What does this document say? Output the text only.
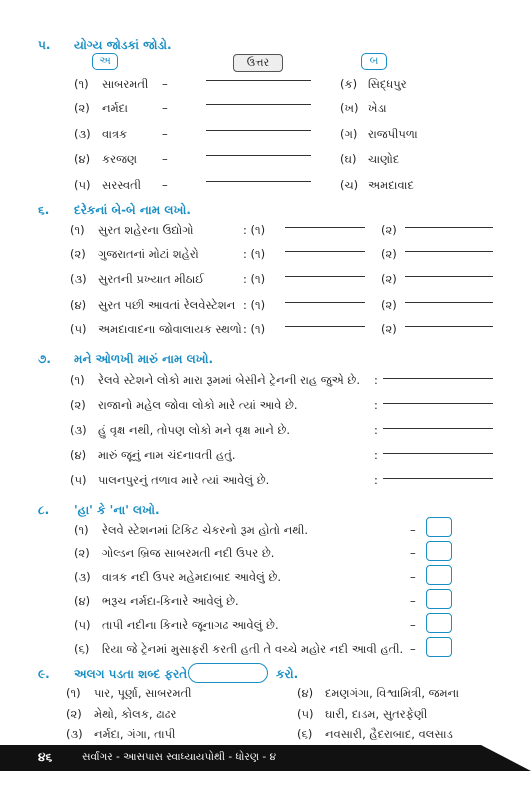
૫. યોગ્ય જોડકાં જોડો.
અ	ઉત્તર	બ
(૧) સાબરમતી –	(ક) સિદ્ધપુર
(૨) નર્મદા	–	(ખ) ખેડા
(૩) વાત્રક	–	(ગ) રાજપીપળા
(૪) કરજણ –	(ઘ) ચાણોદ
(૫) સરસ્વતી –	(ચ) અમદાવાદ
૬. દરેકનાં બે-બે નામ લખો.
(૧) સુરત શહેરના ઉદ્યોગો	: (૧)	(૨)
(૨) ગુજરાતનાં મોટાં શહેરો	: (૧)	(૨)
(૩) સુરતની પ્રખ્યાત મીઠાઈ	: (૧)	(૨)
(૪) સુરત પછી આવતાં રેલવેસ્ટેશન : (૧)	(૨)
(૫) અમદાવાદના જોવાલાયક સ્થળો : (૧)	(૨)
૭. મને ઓળખી મારું નામ લખો.
(૧) રેલવે સ્ટેશને લોકો મારા રૂમમાં બેસીને ટ્રેનની રાહ જુએ છે. :
(૨) રાજાનો મહેલ જોવા લોકો મારે ત્યાં આવે છે.	:
(૩) હું વૃક્ષ નથી, તોપણ લોકો મને વૃક્ષ માને છે.	:
(૪) મારું જૂનું નામ ચંદનાવતી હતું.	:
(૫) પાલનપુરનું તળાવ મારે ત્યાં આવેલું છે.	:
૮. 'હા' કે 'ના' લખો.
(૧) રેલવે સ્ટેશનમાં ટિકિટ ચેકરનો રૂમ હોતો નથી.	–
(૨) ગોલ્ડન બ્રિજ સાબરમતી નદી ઉપર છે.	–
(૩) વાત્રક નદી ઉપર મહેમદાબાદ આવેલું છે.	–
(૪) ભરૂચ નર્મદા-કિનારે આવેલું છે.	–
(૫) તાપી નદીના કિનારે જૂનાગઢ આવેલું છે.	–
(૬) રિયા જે ટ્રેનમાં મુસાફરી કરતી હતી તે વચ્ચે મહોર નદી આવી હતી. –
૯. અલગ પડતા શબ્દ ફરતે	કરો.
(૧) પાર, પૂર્ણા, સાબરમતી
(૨) મેથો, કોલક, ઢાઢર
(૩) નર્મદા, ગંગા, તાપી
(૪) દમણગંગા, વિશ્વામિત્રી, જમના
(૫) ઘારી, દાડમ, સુતરફેણી
(૬) નવસારી, હૈદરાબાદ, વલસાડ
૪૬	સર્વાંગર - આસપાસ સ્વાધ્યાયપોથી - ધોરણ - ૪
